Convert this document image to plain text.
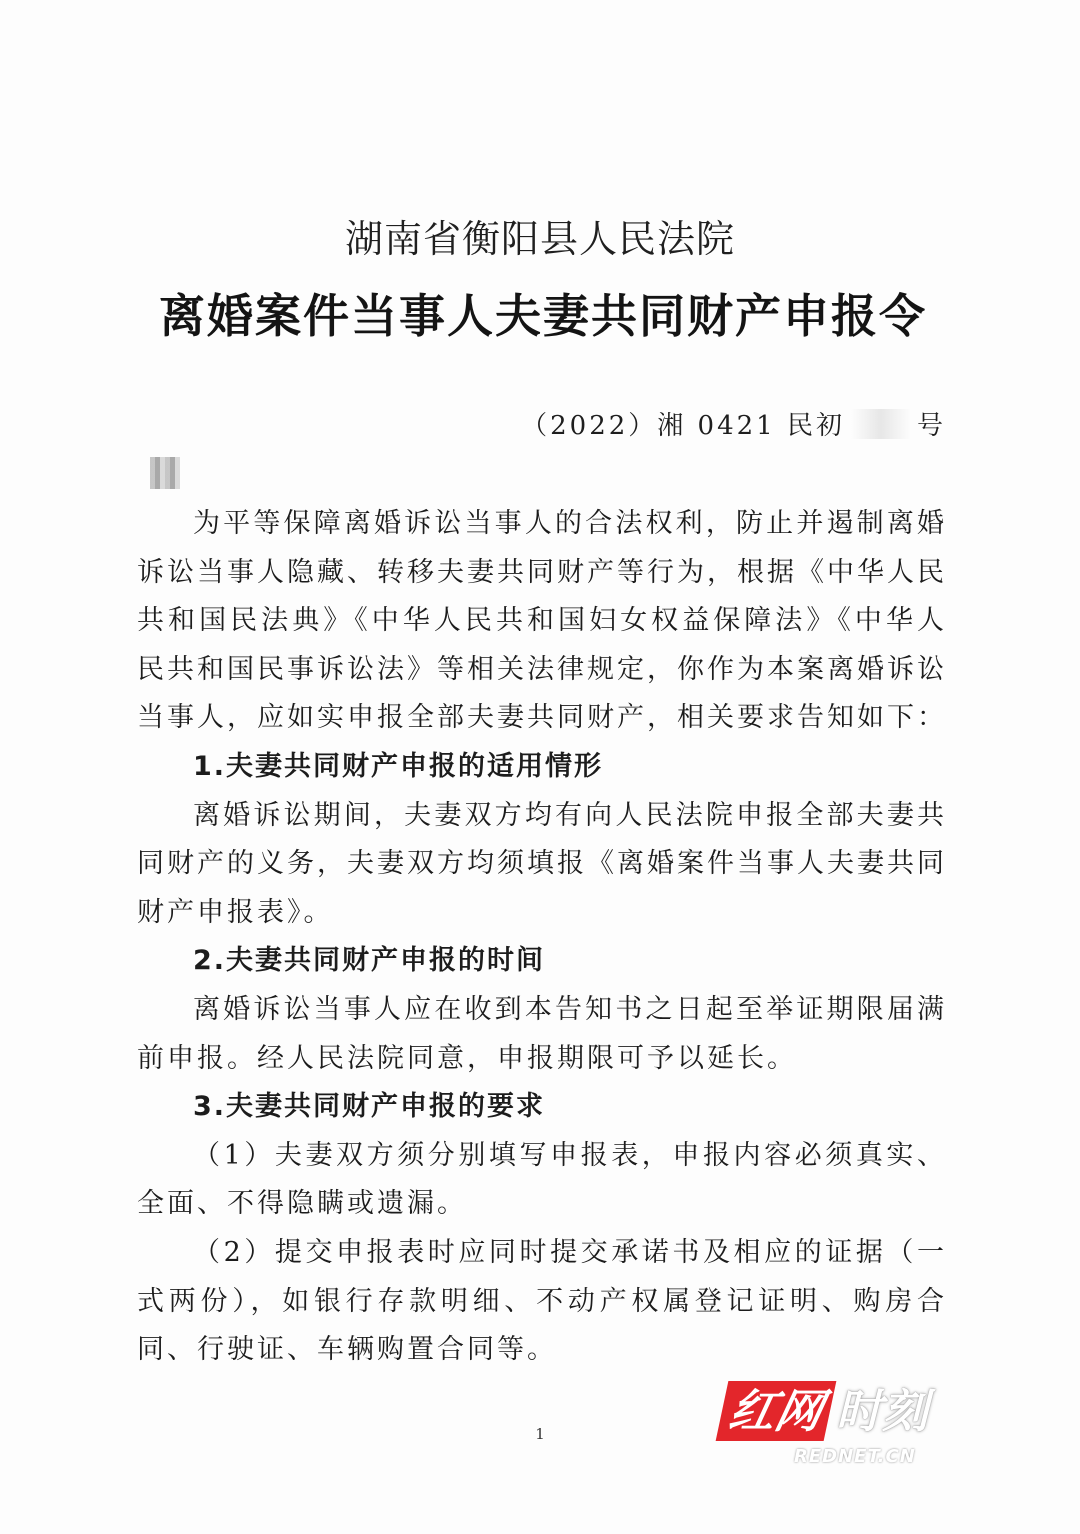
湖南省衡阳县人民法院
离婚案件当事人夫妻共同财产申报令
（2022）湘 0421 民初	号

为平等保障离婚诉讼当事人的合法权利，防止并遏制离婚诉讼当事人隐藏、转移夫妻共同财产等行为，根据《中华人民共和国民法典》《中华人民共和国妇女权益保障法》《中华人民共和国民事诉讼法》等相关法律规定，你作为本案离婚诉讼当事人，应如实申报全部夫妻共同财产，相关要求告知如下：

1.夫妻共同财产申报的适用情形

离婚诉讼期间，夫妻双方均有向人民法院申报全部夫妻共同财产的义务，夫妻双方均须填报《离婚案件当事人夫妻共同财产申报表》。

2.夫妻共同财产申报的时间

离婚诉讼当事人应在收到本告知书之日起至举证期限届满前申报。经人民法院同意，申报期限可予以延长。

3.夫妻共同财产申报的要求

（1）夫妻双方须分别填写申报表，申报内容必须真实、全面、不得隐瞒或遗漏。

（2）提交申报表时应同时提交承诺书及相应的证据（一式两份），如银行存款明细、不动产权属登记证明、购房合同、行驶证、车辆购置合同等。

1	红网 时刻
REDNET.CN
